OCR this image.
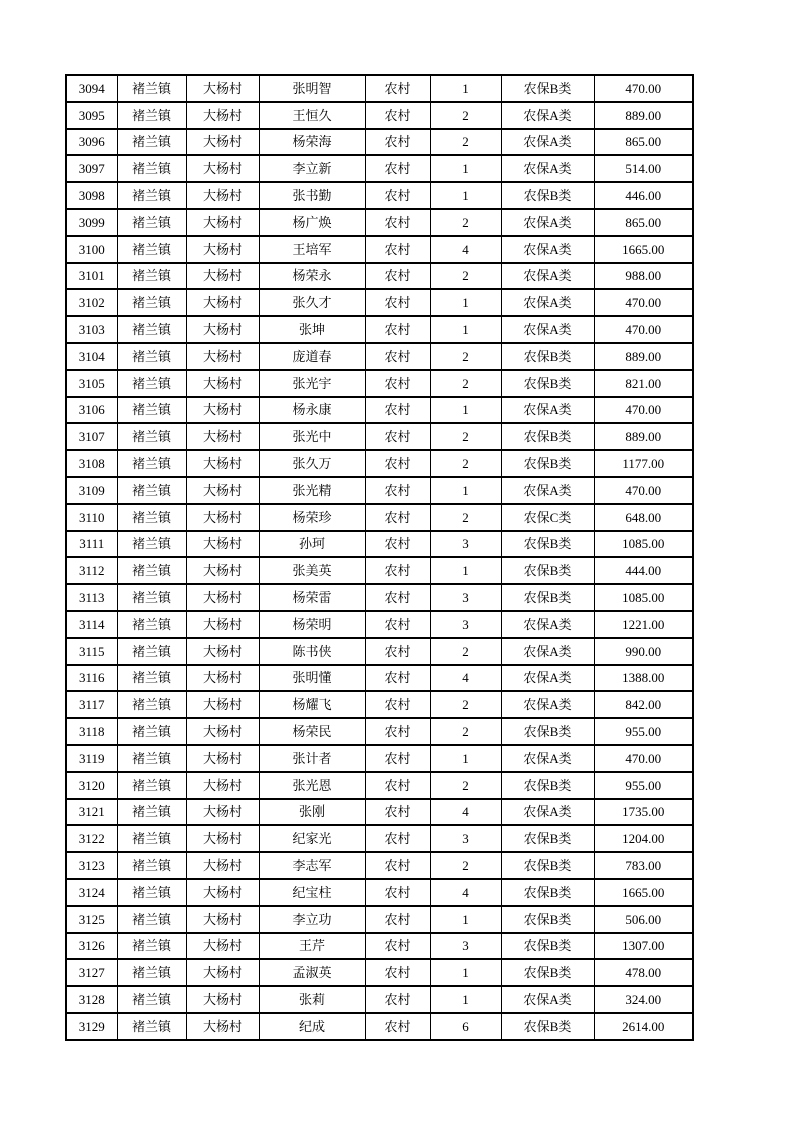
3094	褚兰镇	大杨村	张明智	农村	1	农保B类	470.00
3095	褚兰镇	大杨村	王恒久	农村	2	农保A类	889.00
3096	褚兰镇	大杨村	杨荣海	农村	2	农保A类	865.00
3097	褚兰镇	大杨村	李立新	农村	1	农保A类	514.00
3098	褚兰镇	大杨村	张书勤	农村	1	农保B类	446.00
3099	褚兰镇	大杨村	杨广焕	农村	2	农保A类	865.00
3100	褚兰镇	大杨村	王培军	农村	4	农保A类	1665.00
3101	褚兰镇	大杨村	杨荣永	农村	2	农保A类	988.00
3102	褚兰镇	大杨村	张久才	农村	1	农保A类	470.00
3103	褚兰镇	大杨村	张坤	农村	1	农保A类	470.00
3104	褚兰镇	大杨村	庞道春	农村	2	农保B类	889.00
3105	褚兰镇	大杨村	张光宇	农村	2	农保B类	821.00
3106	褚兰镇	大杨村	杨永康	农村	1	农保A类	470.00
3107	褚兰镇	大杨村	张光中	农村	2	农保B类	889.00
3108	褚兰镇	大杨村	张久万	农村	2	农保B类	1177.00
3109	褚兰镇	大杨村	张光精	农村	1	农保A类	470.00
3110	褚兰镇	大杨村	杨荣珍	农村	2	农保C类	648.00
3111	褚兰镇	大杨村	孙珂	农村	3	农保B类	1085.00
3112	褚兰镇	大杨村	张美英	农村	1	农保B类	444.00
3113	褚兰镇	大杨村	杨荣雷	农村	3	农保B类	1085.00
3114	褚兰镇	大杨村	杨荣明	农村	3	农保A类	1221.00
3115	褚兰镇	大杨村	陈书侠	农村	2	农保A类	990.00
3116	褚兰镇	大杨村	张明懂	农村	4	农保A类	1388.00
3117	褚兰镇	大杨村	杨耀飞	农村	2	农保A类	842.00
3118	褚兰镇	大杨村	杨荣民	农村	2	农保B类	955.00
3119	褚兰镇	大杨村	张计者	农村	1	农保A类	470.00
3120	褚兰镇	大杨村	张光恩	农村	2	农保B类	955.00
3121	褚兰镇	大杨村	张刚	农村	4	农保A类	1735.00
3122	褚兰镇	大杨村	纪家光	农村	3	农保B类	1204.00
3123	褚兰镇	大杨村	李志军	农村	2	农保B类	783.00
3124	褚兰镇	大杨村	纪宝柱	农村	4	农保B类	1665.00
3125	褚兰镇	大杨村	李立功	农村	1	农保B类	506.00
3126	褚兰镇	大杨村	王芹	农村	3	农保B类	1307.00
3127	褚兰镇	大杨村	孟淑英	农村	1	农保B类	478.00
3128	褚兰镇	大杨村	张莉	农村	1	农保A类	324.00
3129	褚兰镇	大杨村	纪成	农村	6	农保B类	2614.00
